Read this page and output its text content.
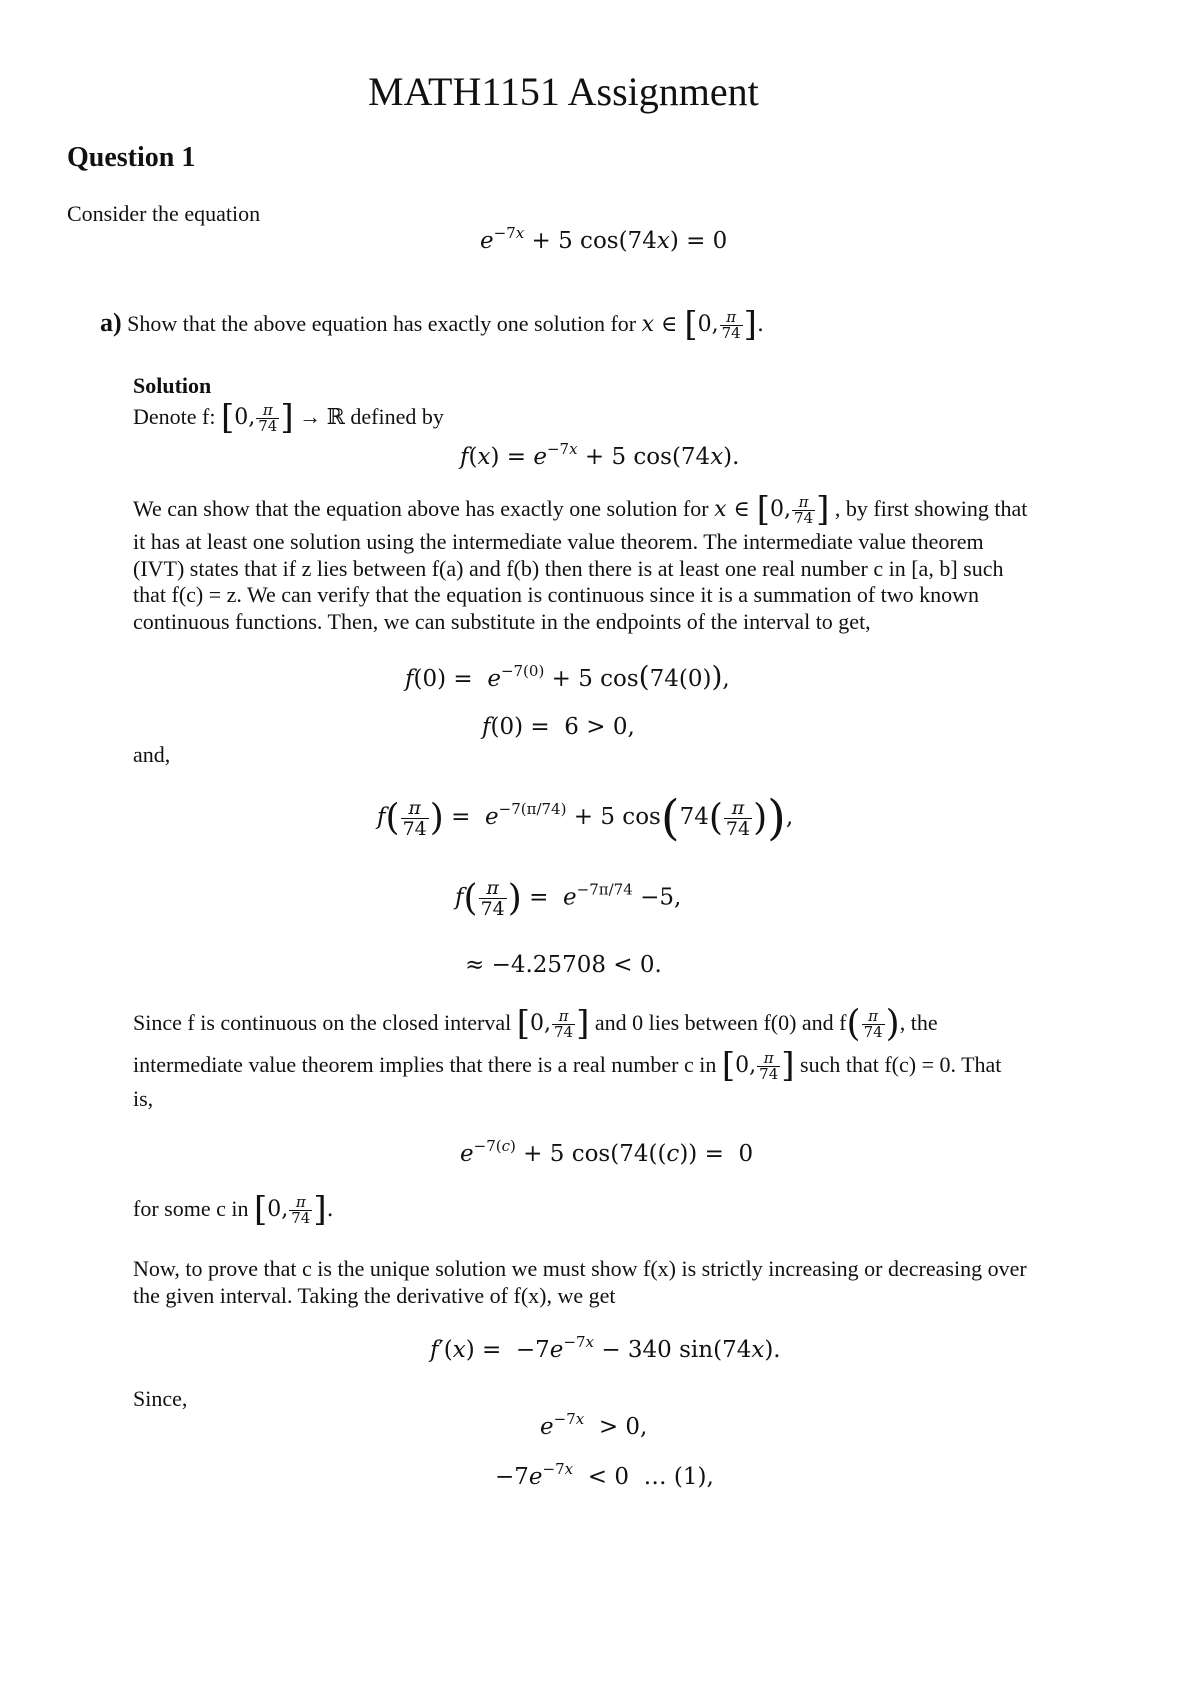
MATH1151 Assignment
Question 1
Consider the equation
$e^{-7x} + 5$ cos(74x) = 0
a) Show that the above equation has exactly one solution for x ∈ [0, $\frac{\pi}{74}$ ].
Solution
Denote f: [0, $\frac{\pi}{74}$ ] → ℝ defined by
$f(x) = e^{-7x} + 5$ cos(74x).
We can show that the equation above has exactly one solution for x ∈ [0, $\frac{\pi}{74}$ ] , by first showing that
it has at least one solution using the intermediate value theorem. The intermediate value theorem (IVT) states that if z lies between f(a) and f(b) then there is at least one real number c in [a, b] such that f(c) = z. We can verify that the equation is continuous since it is a summation of two known continuous functions. Then, we can substitute in the endpoints of the interval to get,
$f(0) = e^{-7(0)} + 5$ cos(74(0)),
f(0) =  6 > 0,
and,
$f( \frac{\pi}{74}$ ) =  $e^{-7(\pi/74)} + 5$ $\cos(74( \frac{\pi}{74}$ )),
$f( \frac{\pi}{74}$ ) =  $e^{-7\pi/74} -5$,
≈ −4.25708 < 0.
Since f is continuous on the closed interval [0, $\frac{\pi}{74}$ ] and 0 lies between f(0) and $f( \frac{\pi}{74}$ ), the
intermediate value theorem implies that there is a real number c in [0, $\frac{\pi}{74}$ ] such that f(c) = 0. That
is,
$e^{-7(c)} + 5$ cos(74((c)) =  0
for some c in [0, $\frac{\pi}{74}$ ].
Now, to prove that c is the unique solution we must show f(x) is strictly increasing or decreasing over the given interval. Taking the derivative of f(x), we get
$f'(x) = -7e^{-7x} - 340$ sin(74x).
Since,
$e^{-7x} > 0$,
$-7e^{-7x} < 0$  … (1),
